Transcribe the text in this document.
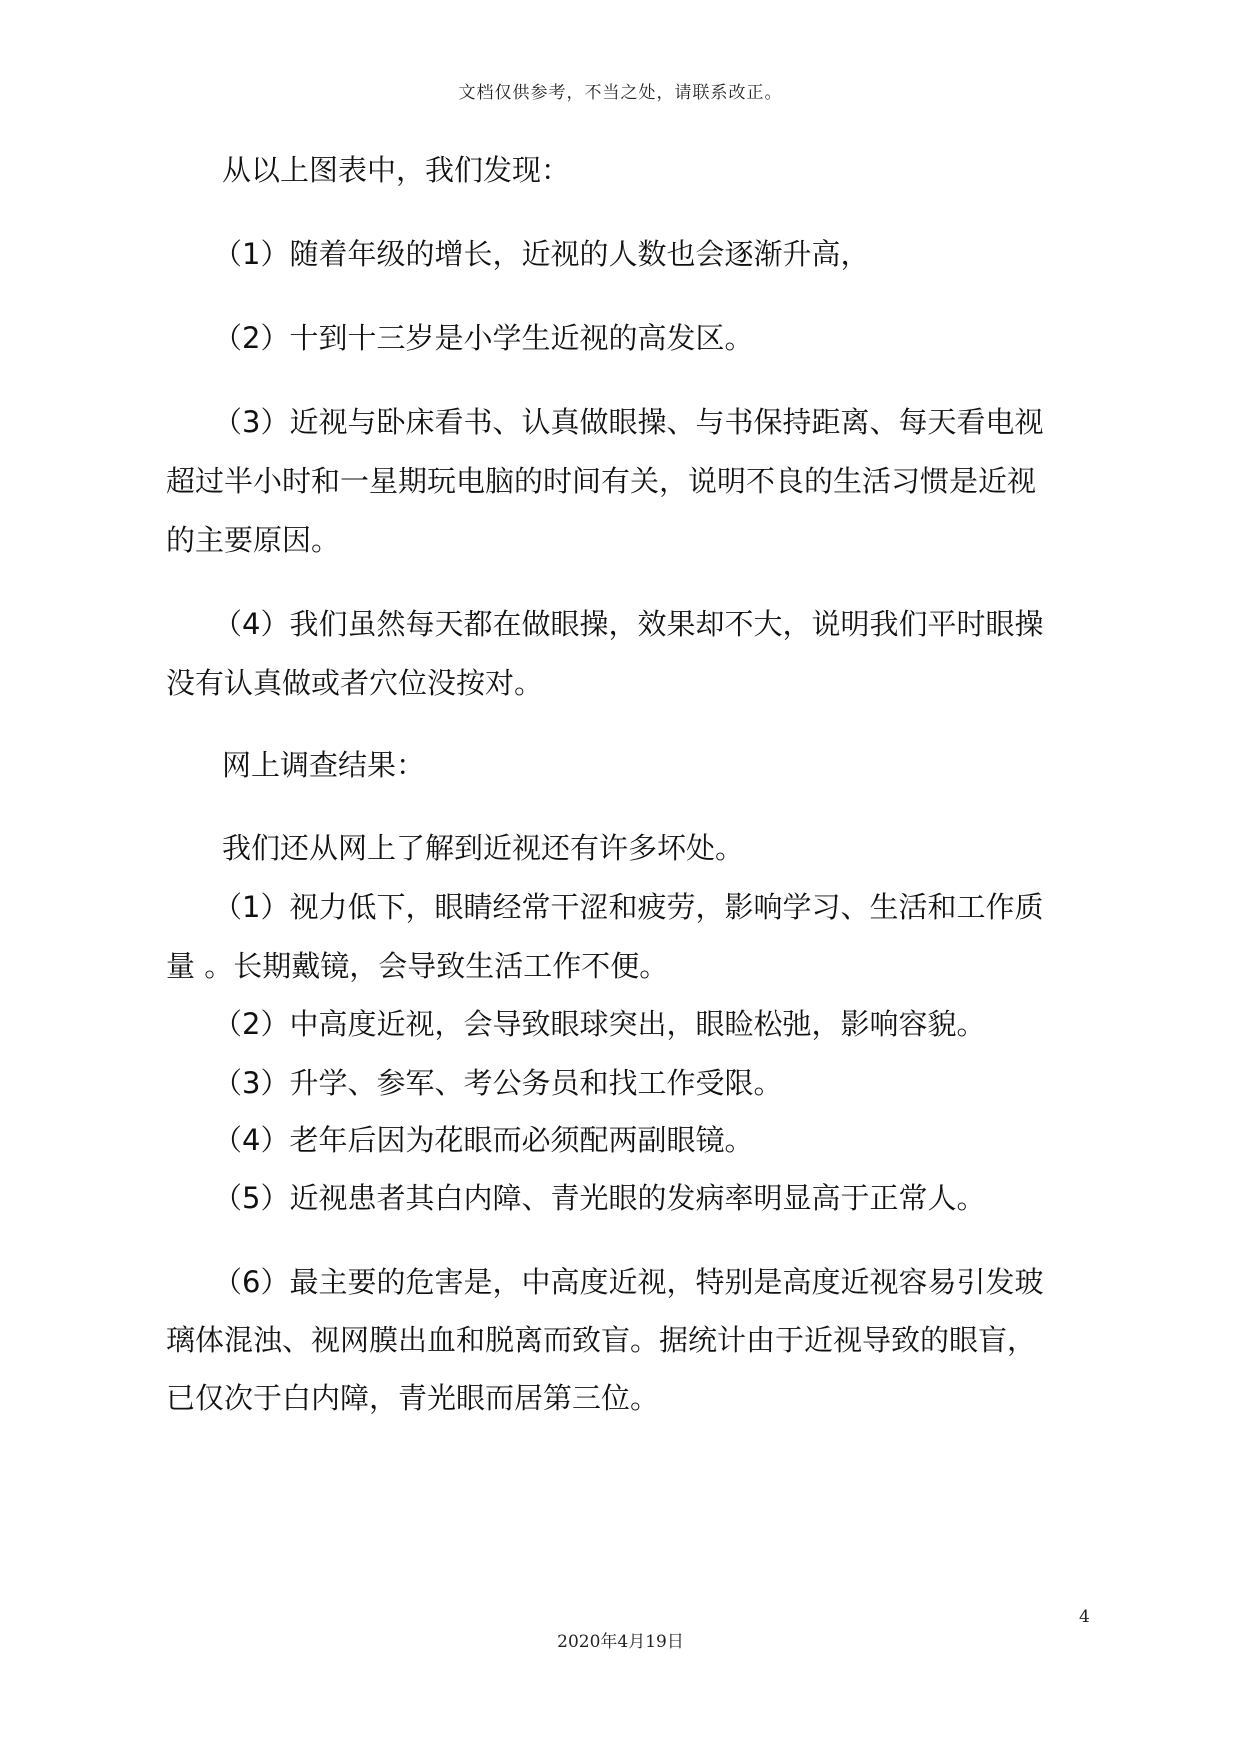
文档仅供参考，不当之处，请联系改正。
从以上图表中，我们发现：
（1）随着年级的增长，近视的人数也会逐渐升高，
（2）十到十三岁是小学生近视的高发区。
（3）近视与卧床看书、认真做眼操、与书保持距离、每天看电视
超过半小时和一星期玩电脑的时间有关，说明不良的生活习惯是近视
的主要原因。
（4）我们虽然每天都在做眼操，效果却不大，说明我们平时眼操
没有认真做或者穴位没按对。
网上调查结果：
我们还从网上了解到近视还有许多坏处。
（1）视力低下，眼睛经常干涩和疲劳，影响学习、生活和工作质
量 。长期戴镜，会导致生活工作不便。
（2）中高度近视，会导致眼球突出，眼睑松弛，影响容貌。
（3）升学、参军、考公务员和找工作受限。
（4）老年后因为花眼而必须配两副眼镜。
（5）近视患者其白内障、青光眼的发病率明显高于正常人。
（6）最主要的危害是，中高度近视，特别是高度近视容易引发玻
璃体混浊、视网膜出血和脱离而致盲。据统计由于近视导致的眼盲，
已仅次于白内障，青光眼而居第三位。
4
2020年4月19日
